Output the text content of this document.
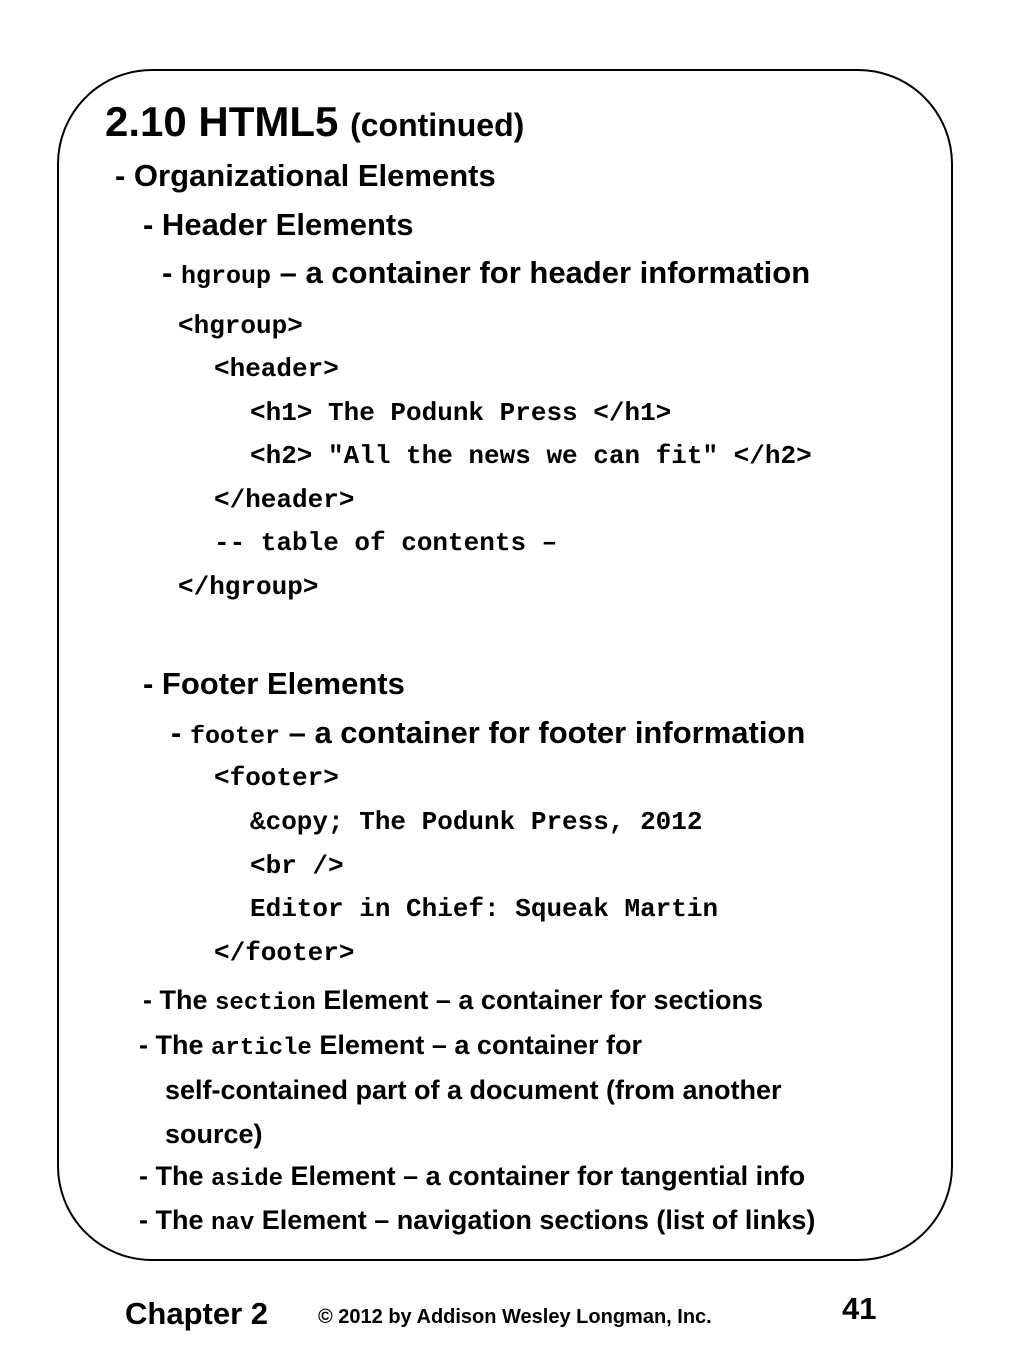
2.10 HTML5 (continued)
- Organizational Elements
- Header Elements
- hgroup – a container for header information
<hgroup>
<header>
<h1> The Podunk Press </h1>
<h2> ″All the news we can fit″ </h2>
</header>
-- table of contents –
</hgroup>
- Footer Elements
- footer – a container for footer information
<footer>
&copy; The Podunk Press, 2012
<br />
Editor in Chief: Squeak Martin
</footer>
- The section Element – a container for sections
- The article Element – a container for
self-contained part of a document (from another
source)
- The aside Element – a container for tangential info
- The nav Element – navigation sections (list of links)
Chapter 2	© 2012 by Addison Wesley Longman, Inc.	41
